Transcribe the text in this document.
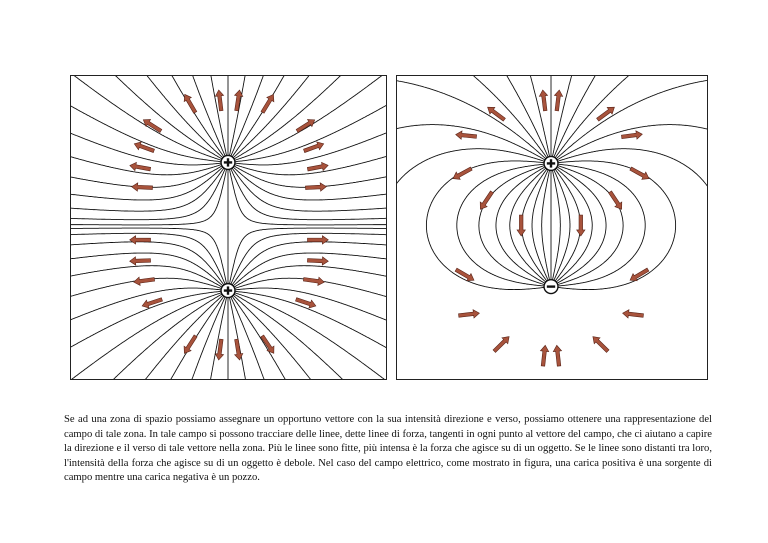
Se ad una zona di spazio possiamo assegnare un opportuno vettore con la sua intensità direzione e verso, possiamo ottenere una rappresentazione del campo di tale zona. In tale campo si possono tracciare delle linee, dette linee di forza, tangenti in ogni punto al vettore del campo, che ci aiutano a capire la direzione e il verso di tale vettore nella zona. Più le linee sono fitte, più intensa è la forza che agisce su di un oggetto. Se le linee sono distanti tra loro, l'intensità della forza che agisce su di un oggetto è debole. Nel caso del campo elettrico, come mostrato in figura, una carica positiva è una sorgente di campo mentre una carica negativa è un pozzo.
